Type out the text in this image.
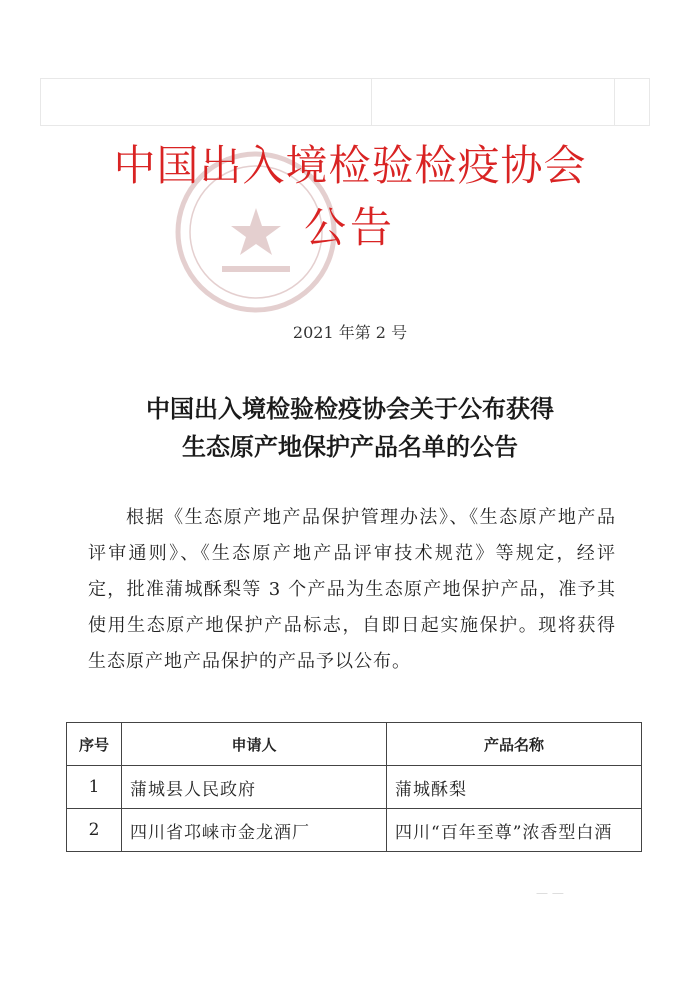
中国出入境检验检疫协会
公告
2021 年第 2 号
中国出入境检验检疫协会关于公布获得
生态原产地保护产品名单的公告
根据《生态原产地产品保护管理办法》、《生态原产地产品评审通则》、《生态原产地产品评审技术规范》等规定，经评定，批准蒲城酥梨等 3 个产品为生态原产地保护产品，准予其使用生态原产地保护产品标志，自即日起实施保护。现将获得生态原产地产品保护的产品予以公布。
序号	申请人	产品名称
1	蒲城县人民政府	蒲城酥梨
2	四川省邛崃市金龙酒厂	四川“百年至尊”浓香型白酒
— —
